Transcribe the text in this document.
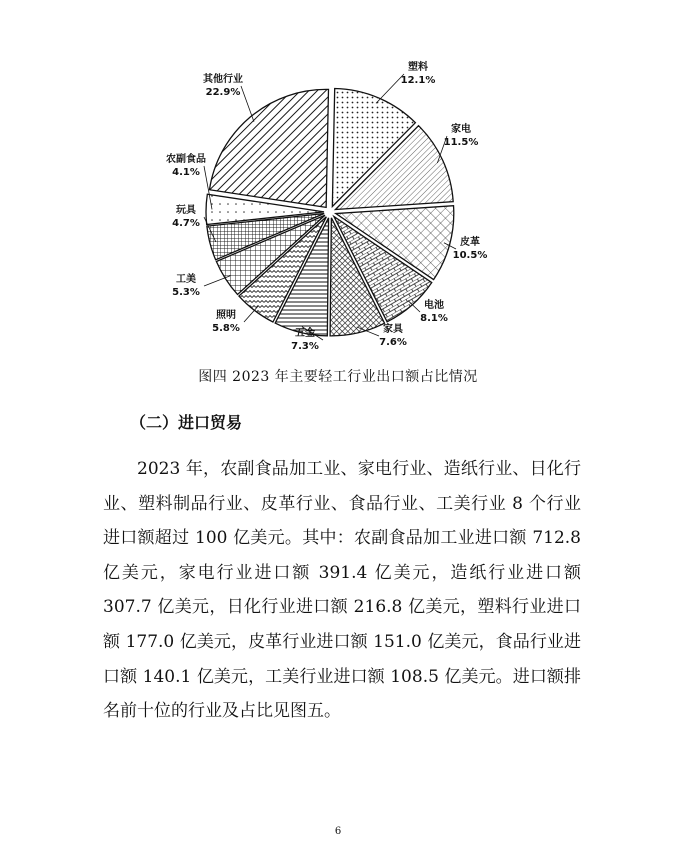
塑料
12.1%
家电
11.5%
皮革
10.5%
电池
8.1%
家具
7.6%
五金
7.3%
照明
5.8%
工美
5.3%
玩具
4.7%
农副食品
4.1%
其他行业
22.9%
图四 2023 年主要轻工行业出口额占比情况
（二）进口贸易
2023 年，农副食品加工业、家电行业、造纸行业、日化行业、塑料制品行业、皮革行业、食品行业、工美行业 8 个行业进口额超过 100 亿美元。其中：农副食品加工业进口额 712.8 亿美元，家电行业进口额 391.4 亿美元，造纸行业进口额 307.7 亿美元，日化行业进口额 216.8 亿美元，塑料行业进口额 177.0 亿美元，皮革行业进口额 151.0 亿美元，食品行业进口额 140.1 亿美元，工美行业进口额 108.5 亿美元。进口额排名前十位的行业及占比见图五。
6
